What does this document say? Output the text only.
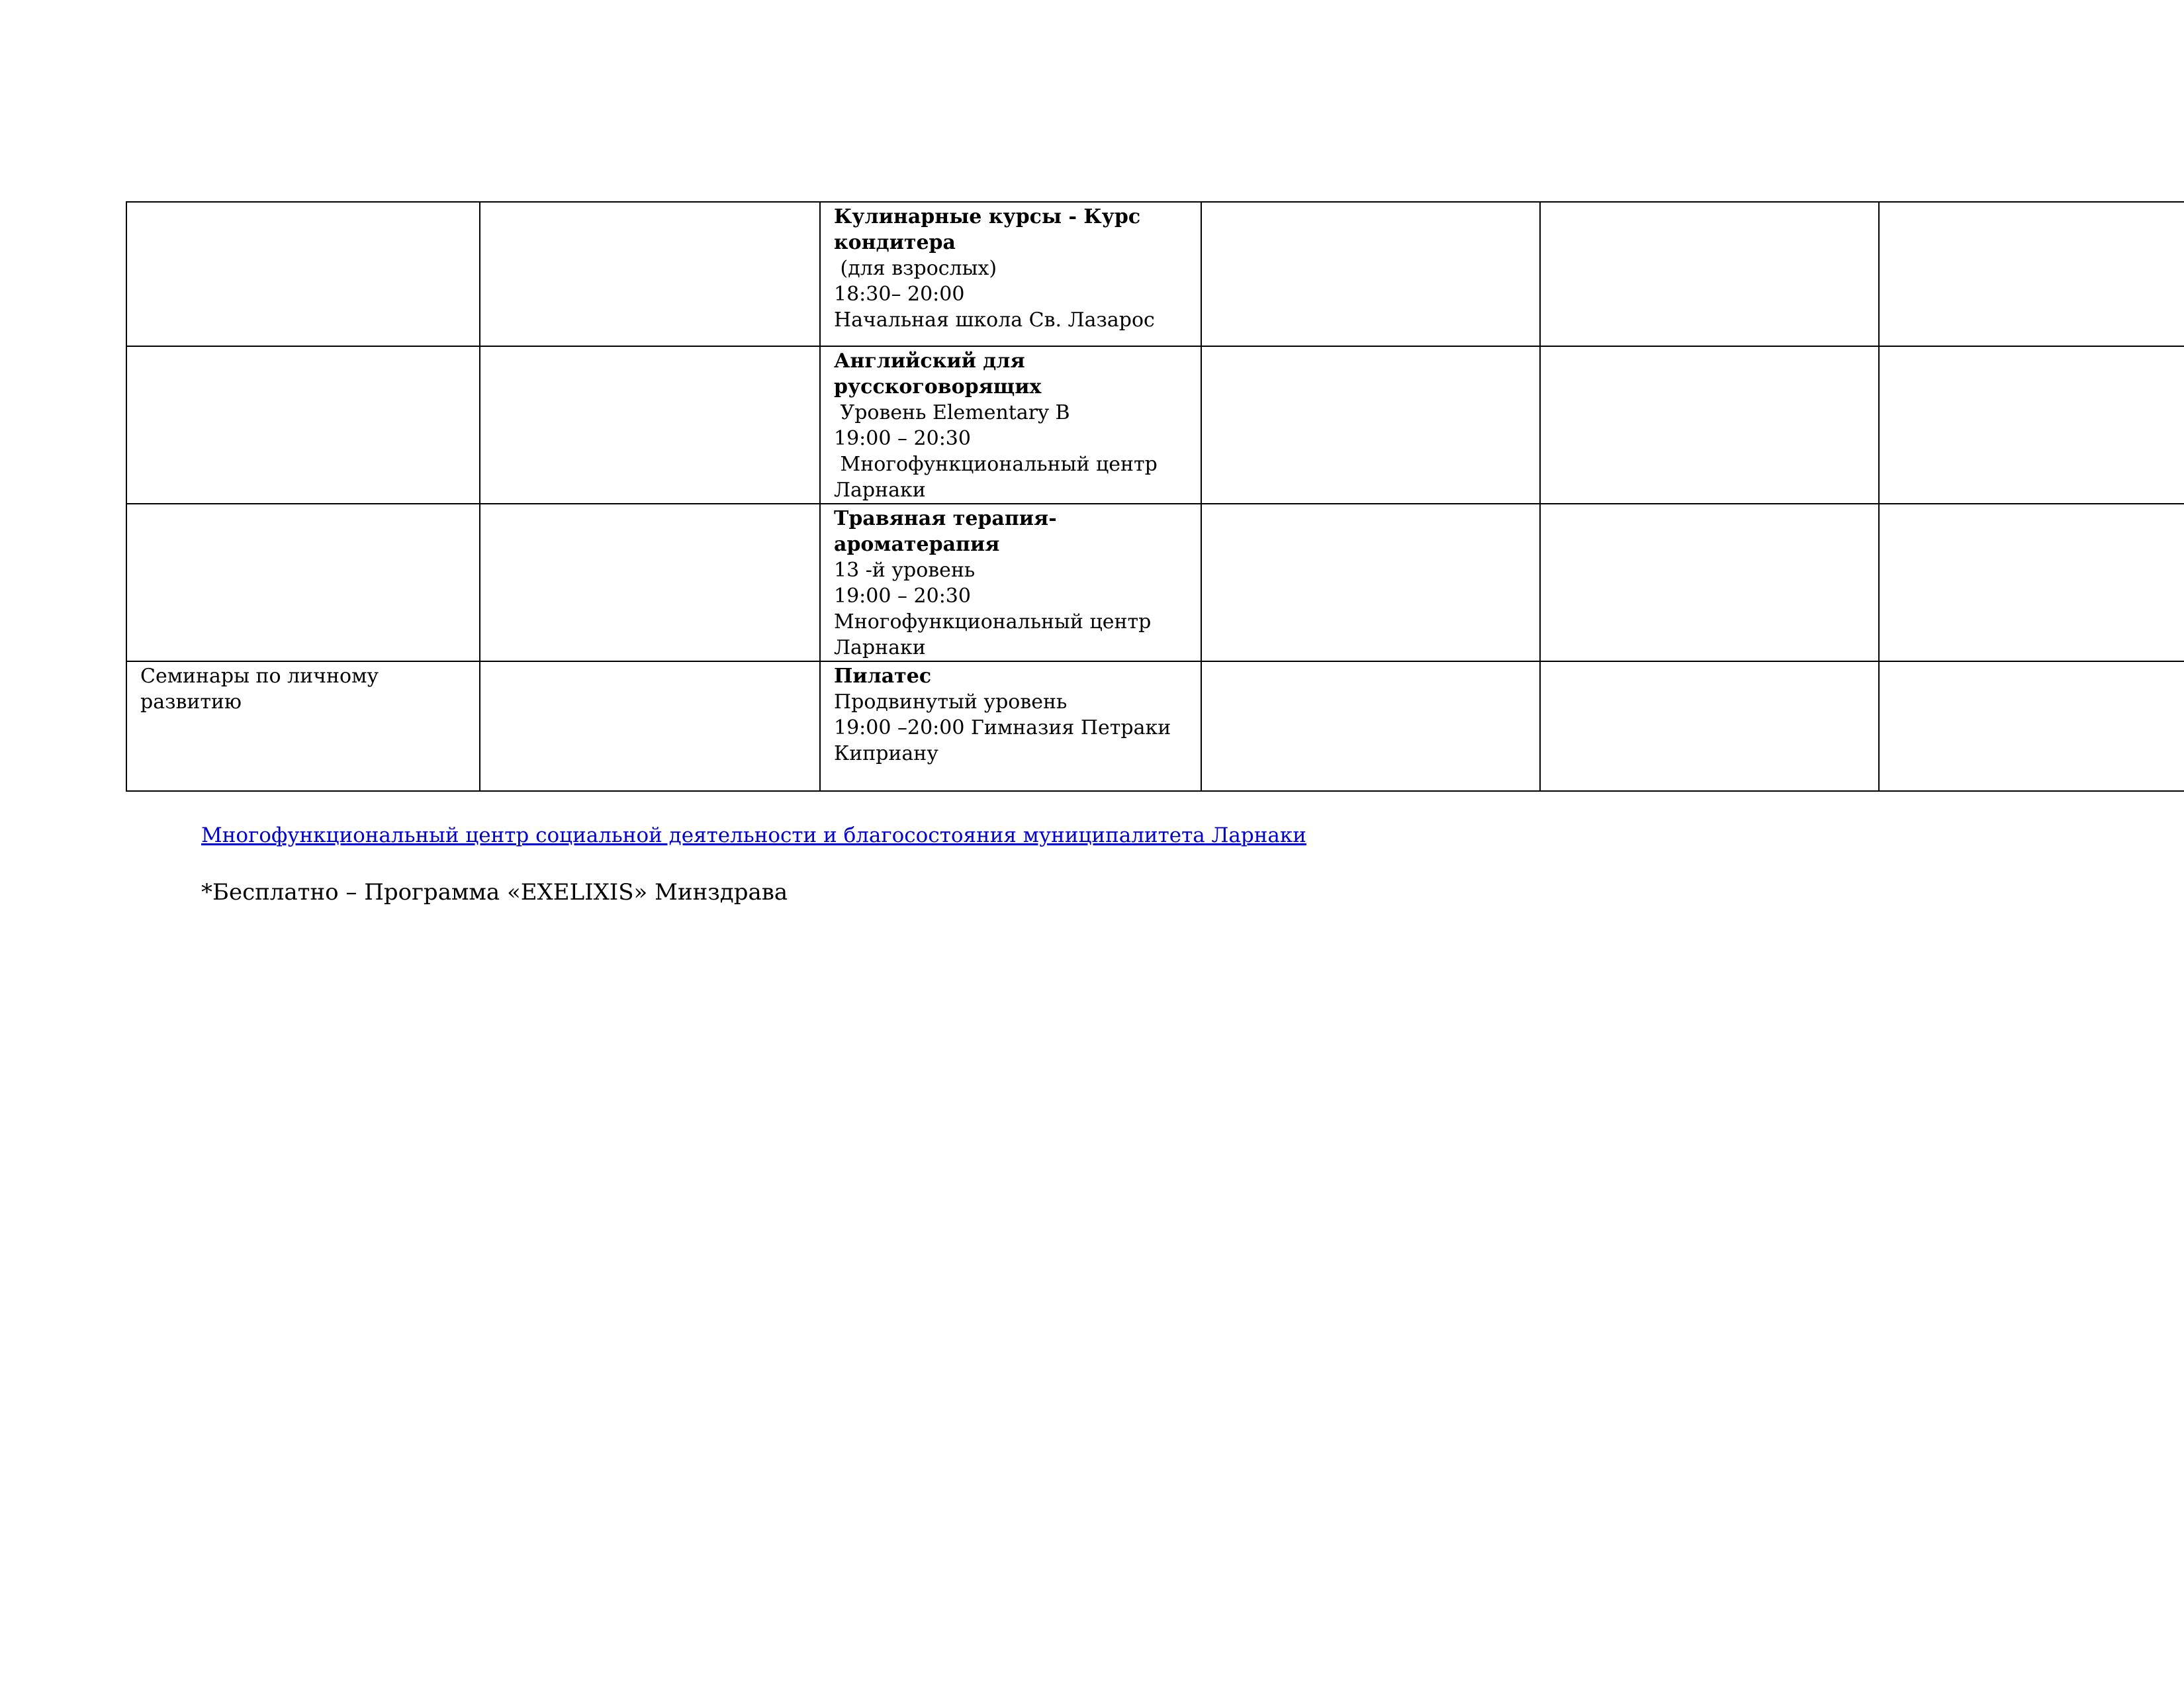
		Кулинарные курсы - Курс кондитера
(для взрослых)
18:30– 20:00
Начальная школа Св. Лазарос			

		Английский для русскоговорящих
Уровень Elementary B
19:00 – 20:30
Многофункциональный центр Ларнаки			

		Травяная терапия- ароматерапия
13 -й уровень
19:00 – 20:30
Многофункциональный центр Ларнаки			

Семинары по личному развитию		Пилатес
Продвинутый уровень
19:00 –20:00 Гимназия Петраки Киприану			

Многофункциональный центр социальной деятельности и благосостояния муниципалитета Ларнаки
*Бесплатно – Программа «EXELIXIS» Минздрава
